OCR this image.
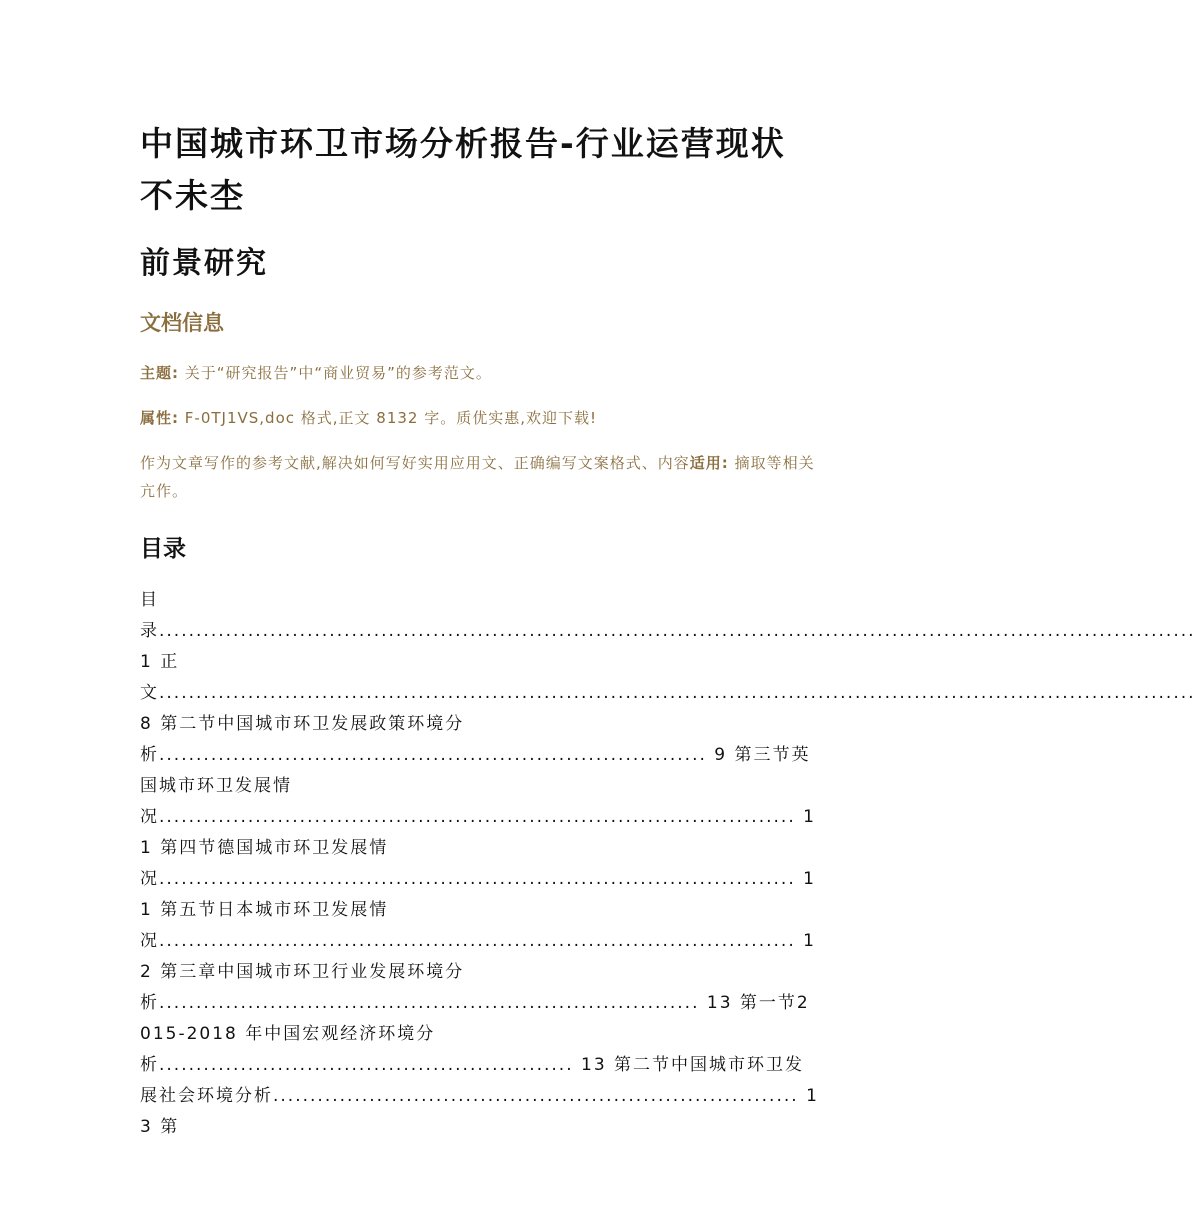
中国城市环卫市场分析报告-行业运营现状不未杢
前景研究
文档信息

主题: 关于“研究报告”中“商业贸易”的参考范文。

属性: F-0TJ1VS,doc 格式,正文 8132 字。质优实惠,欢迎下载!

作为文章写作的参考文献,解决如何写好实用应用文、正确编写文案格式、内容适用: 摘取等相关亢作。

目录
目录............................................................................................................................................ 1 正文............................................................................................................................................ 8 第二节中国城市环卫发展政策环境分析.......................................................................... 9 第三节英国城市环卫发展情况...................................................................................... 11 第四节德国城市环卫发展情况...................................................................................... 11 第五节日本城市环卫发展情况...................................................................................... 12 第三章中国城市环卫行业发展环境分析......................................................................... 13 第一节2015-2018 年中国宏观经济环境分析........................................................ 13 第二节中国城市环卫发展社会环境分析....................................................................... 13 第
